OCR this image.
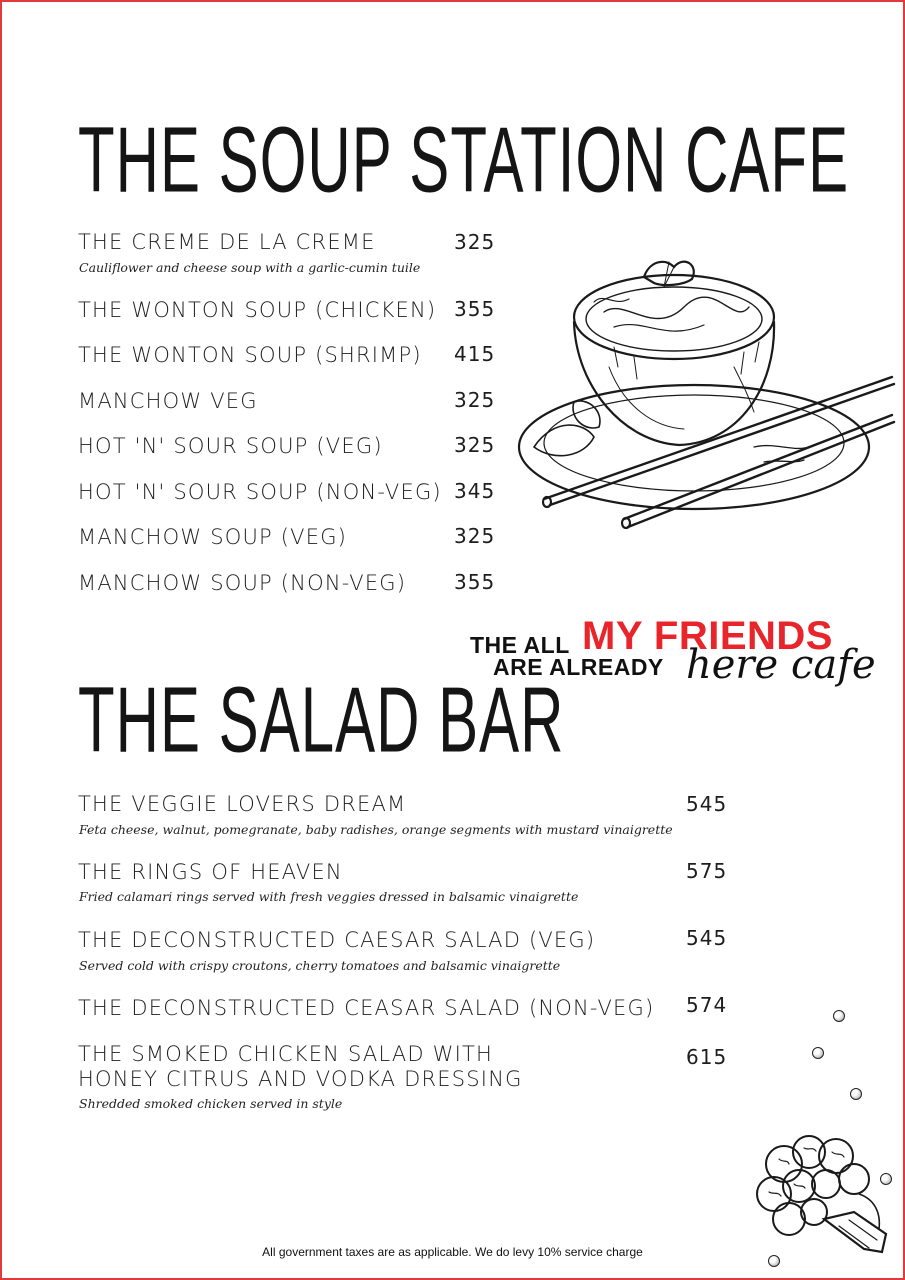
THE SOUP STATION CAFE
THE CREME DE LA CREME	325
Cauliflower and cheese soup with a garlic-cumin tuile
THE WONTON SOUP (CHICKEN) 355
THE WONTON SOUP (SHRIMP) 415
MANCHOW VEG	325
HOT 'N' SOUR SOUP (VEG)	325
HOT 'N' SOUR SOUP (NON-VEG) 345
MANCHOW SOUP (VEG)	325
MANCHOW SOUP (NON-VEG) 355
THE ALL MY FRIENDS
ARE ALREADY here cafe
THE SALAD BAR
THE VEGGIE LOVERS DREAM	545
Feta cheese, walnut, pomegranate, baby radishes, orange segments with mustard vinaigrette
THE RINGS OF HEAVEN	575
Fried calamari rings served with fresh veggies dressed in balsamic vinaigrette
THE DECONSTRUCTED CAESAR SALAD (VEG)	545
Served cold with crispy croutons, cherry tomatoes and balsamic vinaigrette
THE DECONSTRUCTED CEASAR SALAD (NON-VEG) 574
THE SMOKED CHICKEN SALAD WITH
HONEY CITRUS AND VODKA DRESSING
615
Shredded smoked chicken served in style
All government taxes are as applicable. We do levy 10% service charge
